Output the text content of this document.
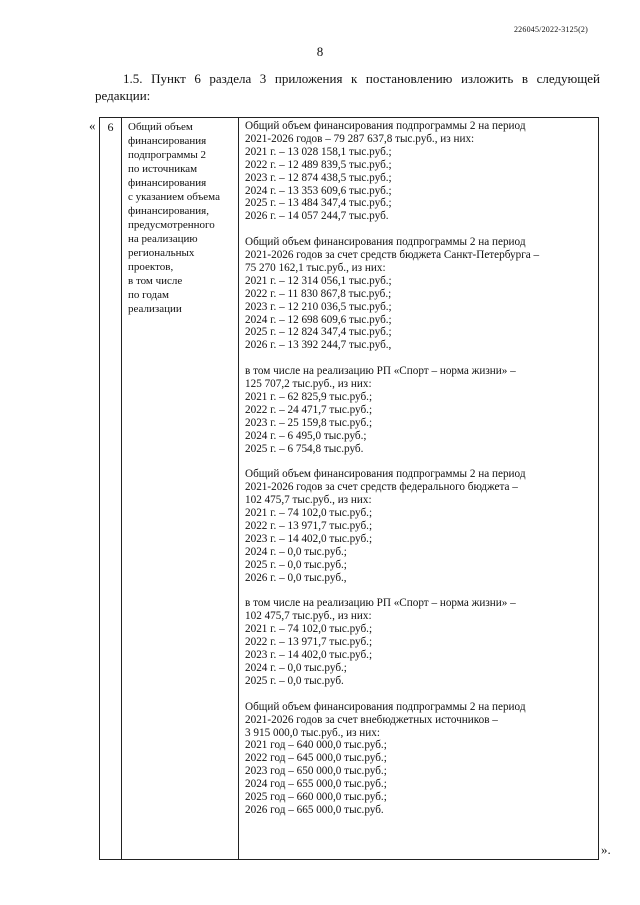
226045/2022-3125(2)
8
1.5. Пункт 6 раздела 3 приложения к постановлению изложить в следующей
редакции:
«	6	Общий объем
финансирования
подпрограммы 2
по источникам
финансирования
с указанием объема
финансирования,
предусмотренного
на реализацию
региональных
проектов,
в том числе
по годам
реализации
Общий объем финансирования подпрограммы 2 на период
2021-2026 годов – 79 287 637,8 тыс.руб., из них:
2021 г. – 13 028 158,1 тыс.руб.;
2022 г. – 12 489 839,5 тыс.руб.;
2023 г. – 12 874 438,5 тыс.руб.;
2024 г. – 13 353 609,6 тыс.руб.;
2025 г. – 13 484 347,4 тыс.руб.;
2026 г. – 14 057 244,7 тыс.руб.
Общий объем финансирования подпрограммы 2 на период
2021-2026 годов за счет средств бюджета Санкт-Петербурга –
75 270 162,1 тыс.руб., из них:
2021 г. – 12 314 056,1 тыс.руб.;
2022 г. – 11 830 867,8 тыс.руб.;
2023 г. – 12 210 036,5 тыс.руб.;
2024 г. – 12 698 609,6 тыс.руб.;
2025 г. – 12 824 347,4 тыс.руб.;
2026 г. – 13 392 244,7 тыс.руб.,
в том числе на реализацию РП «Спорт – норма жизни» –
125 707,2 тыс.руб., из них:
2021 г. – 62 825,9 тыс.руб.;
2022 г. – 24 471,7 тыс.руб.;
2023 г. – 25 159,8 тыс.руб.;
2024 г. – 6 495,0 тыс.руб.;
2025 г. – 6 754,8 тыс.руб.
Общий объем финансирования подпрограммы 2 на период
2021-2026 годов за счет средств федерального бюджета –
102 475,7 тыс.руб., из них:
2021 г. – 74 102,0 тыс.руб.;
2022 г. – 13 971,7 тыс.руб.;
2023 г. – 14 402,0 тыс.руб.;
2024 г. – 0,0 тыс.руб.;
2025 г. – 0,0 тыс.руб.;
2026 г. – 0,0 тыс.руб.,
в том числе на реализацию РП «Спорт – норма жизни» –
102 475,7 тыс.руб., из них:
2021 г. – 74 102,0 тыс.руб.;
2022 г. – 13 971,7 тыс.руб.;
2023 г. – 14 402,0 тыс.руб.;
2024 г. – 0,0 тыс.руб.;
2025 г. – 0,0 тыс.руб.
Общий объем финансирования подпрограммы 2 на период
2021-2026 годов за счет внебюджетных источников –
3 915 000,0 тыс.руб., из них:
2021 год – 640 000,0 тыс.руб.;
2022 год – 645 000,0 тыс.руб.;
2023 год – 650 000,0 тыс.руб.;
2024 год – 655 000,0 тыс.руб.;
2025 год – 660 000,0 тыс.руб.;
2026 год – 665 000,0 тыс.руб.
».
